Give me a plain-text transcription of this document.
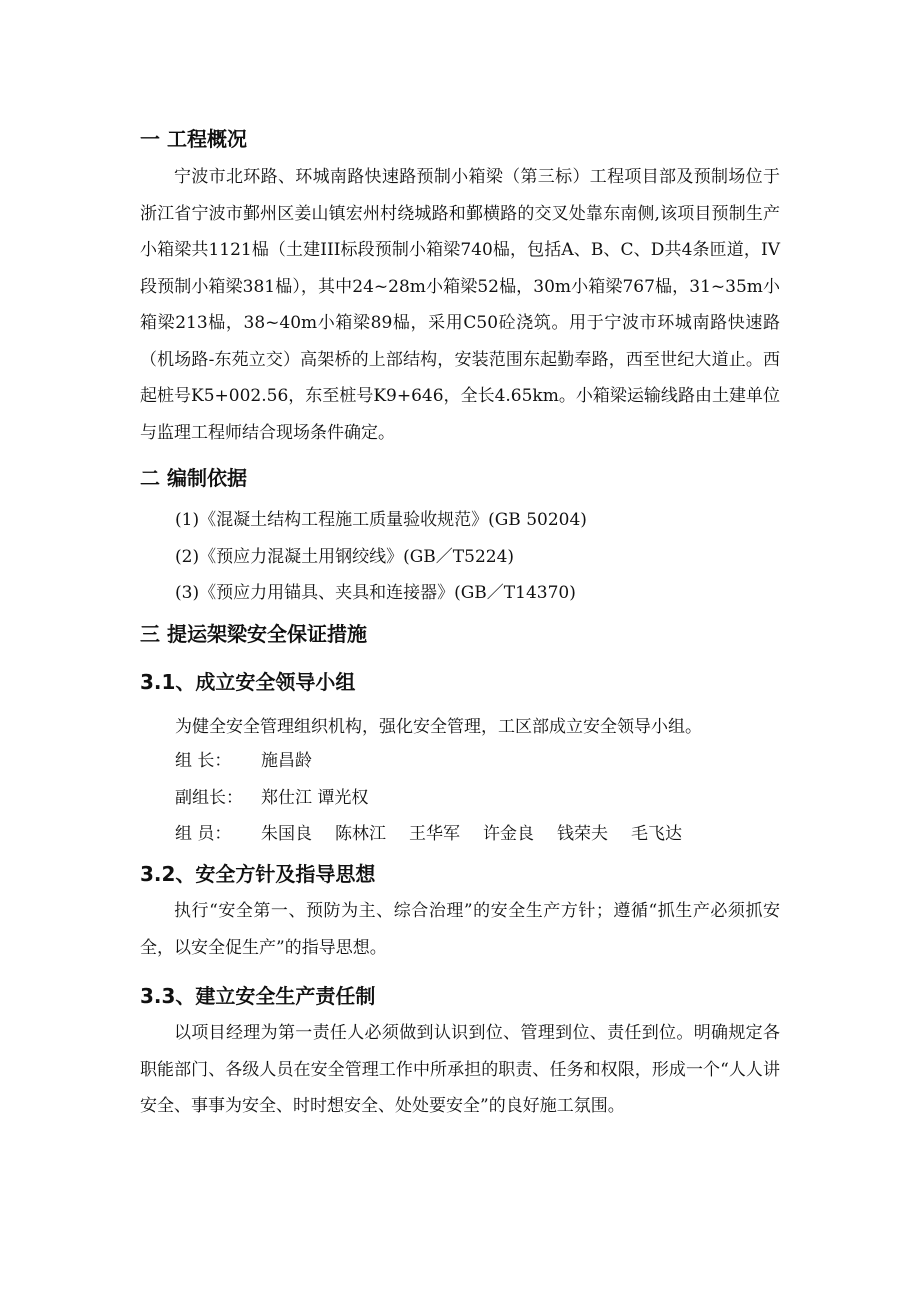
一 工程概况

宁波市北环路、环城南路快速路预制小箱梁（第三标）工程项目部及预制场位于浙江省宁波市鄞州区姜山镇宏州村绕城路和鄞横路的交叉处靠东南侧,该项目预制生产小箱梁共1121榀（土建III标段预制小箱梁740榀，包括A、B、C、D共4条匝道，IV段预制小箱梁381榀），其中24~28m小箱梁52榀，30m小箱梁767榀，31~35m小箱梁213榀，38~40m小箱梁89榀，采用C50砼浇筑。用于宁波市环城南路快速路（机场路-东苑立交）高架桥的上部结构，安装范围东起勤奉路，西至世纪大道止。西起桩号K5+002.56，东至桩号K9+646，全长4.65km。小箱梁运输线路由土建单位与监理工程师结合现场条件确定。

二 编制依据
(1)《混凝土结构工程施工质量验收规范》(GB 50204)
(2)《预应力混凝土用钢绞线》(GB／T5224)
(3)《预应力用锚具、夹具和连接器》(GB／T14370)
三 提运架梁安全保证措施
3.1、成立安全领导小组
为健全安全管理组织机构，强化安全管理，工区部成立安全领导小组。
组 长： 施昌龄
副组长： 郑仕江 谭光权
组 员： 朱国良 陈林江 王华军 许金良 钱荣夫 毛飞达
3.2、安全方针及指导思想

执行“安全第一、预防为主、综合治理”的安全生产方针；遵循“抓生产必须抓安全，以安全促生产”的指导思想。

3.3、建立安全生产责任制

以项目经理为第一责任人必须做到认识到位、管理到位、责任到位。明确规定各职能部门、各级人员在安全管理工作中所承担的职责、任务和权限，形成一个“人人讲安全、事事为安全、时时想安全、处处要安全”的良好施工氛围。
